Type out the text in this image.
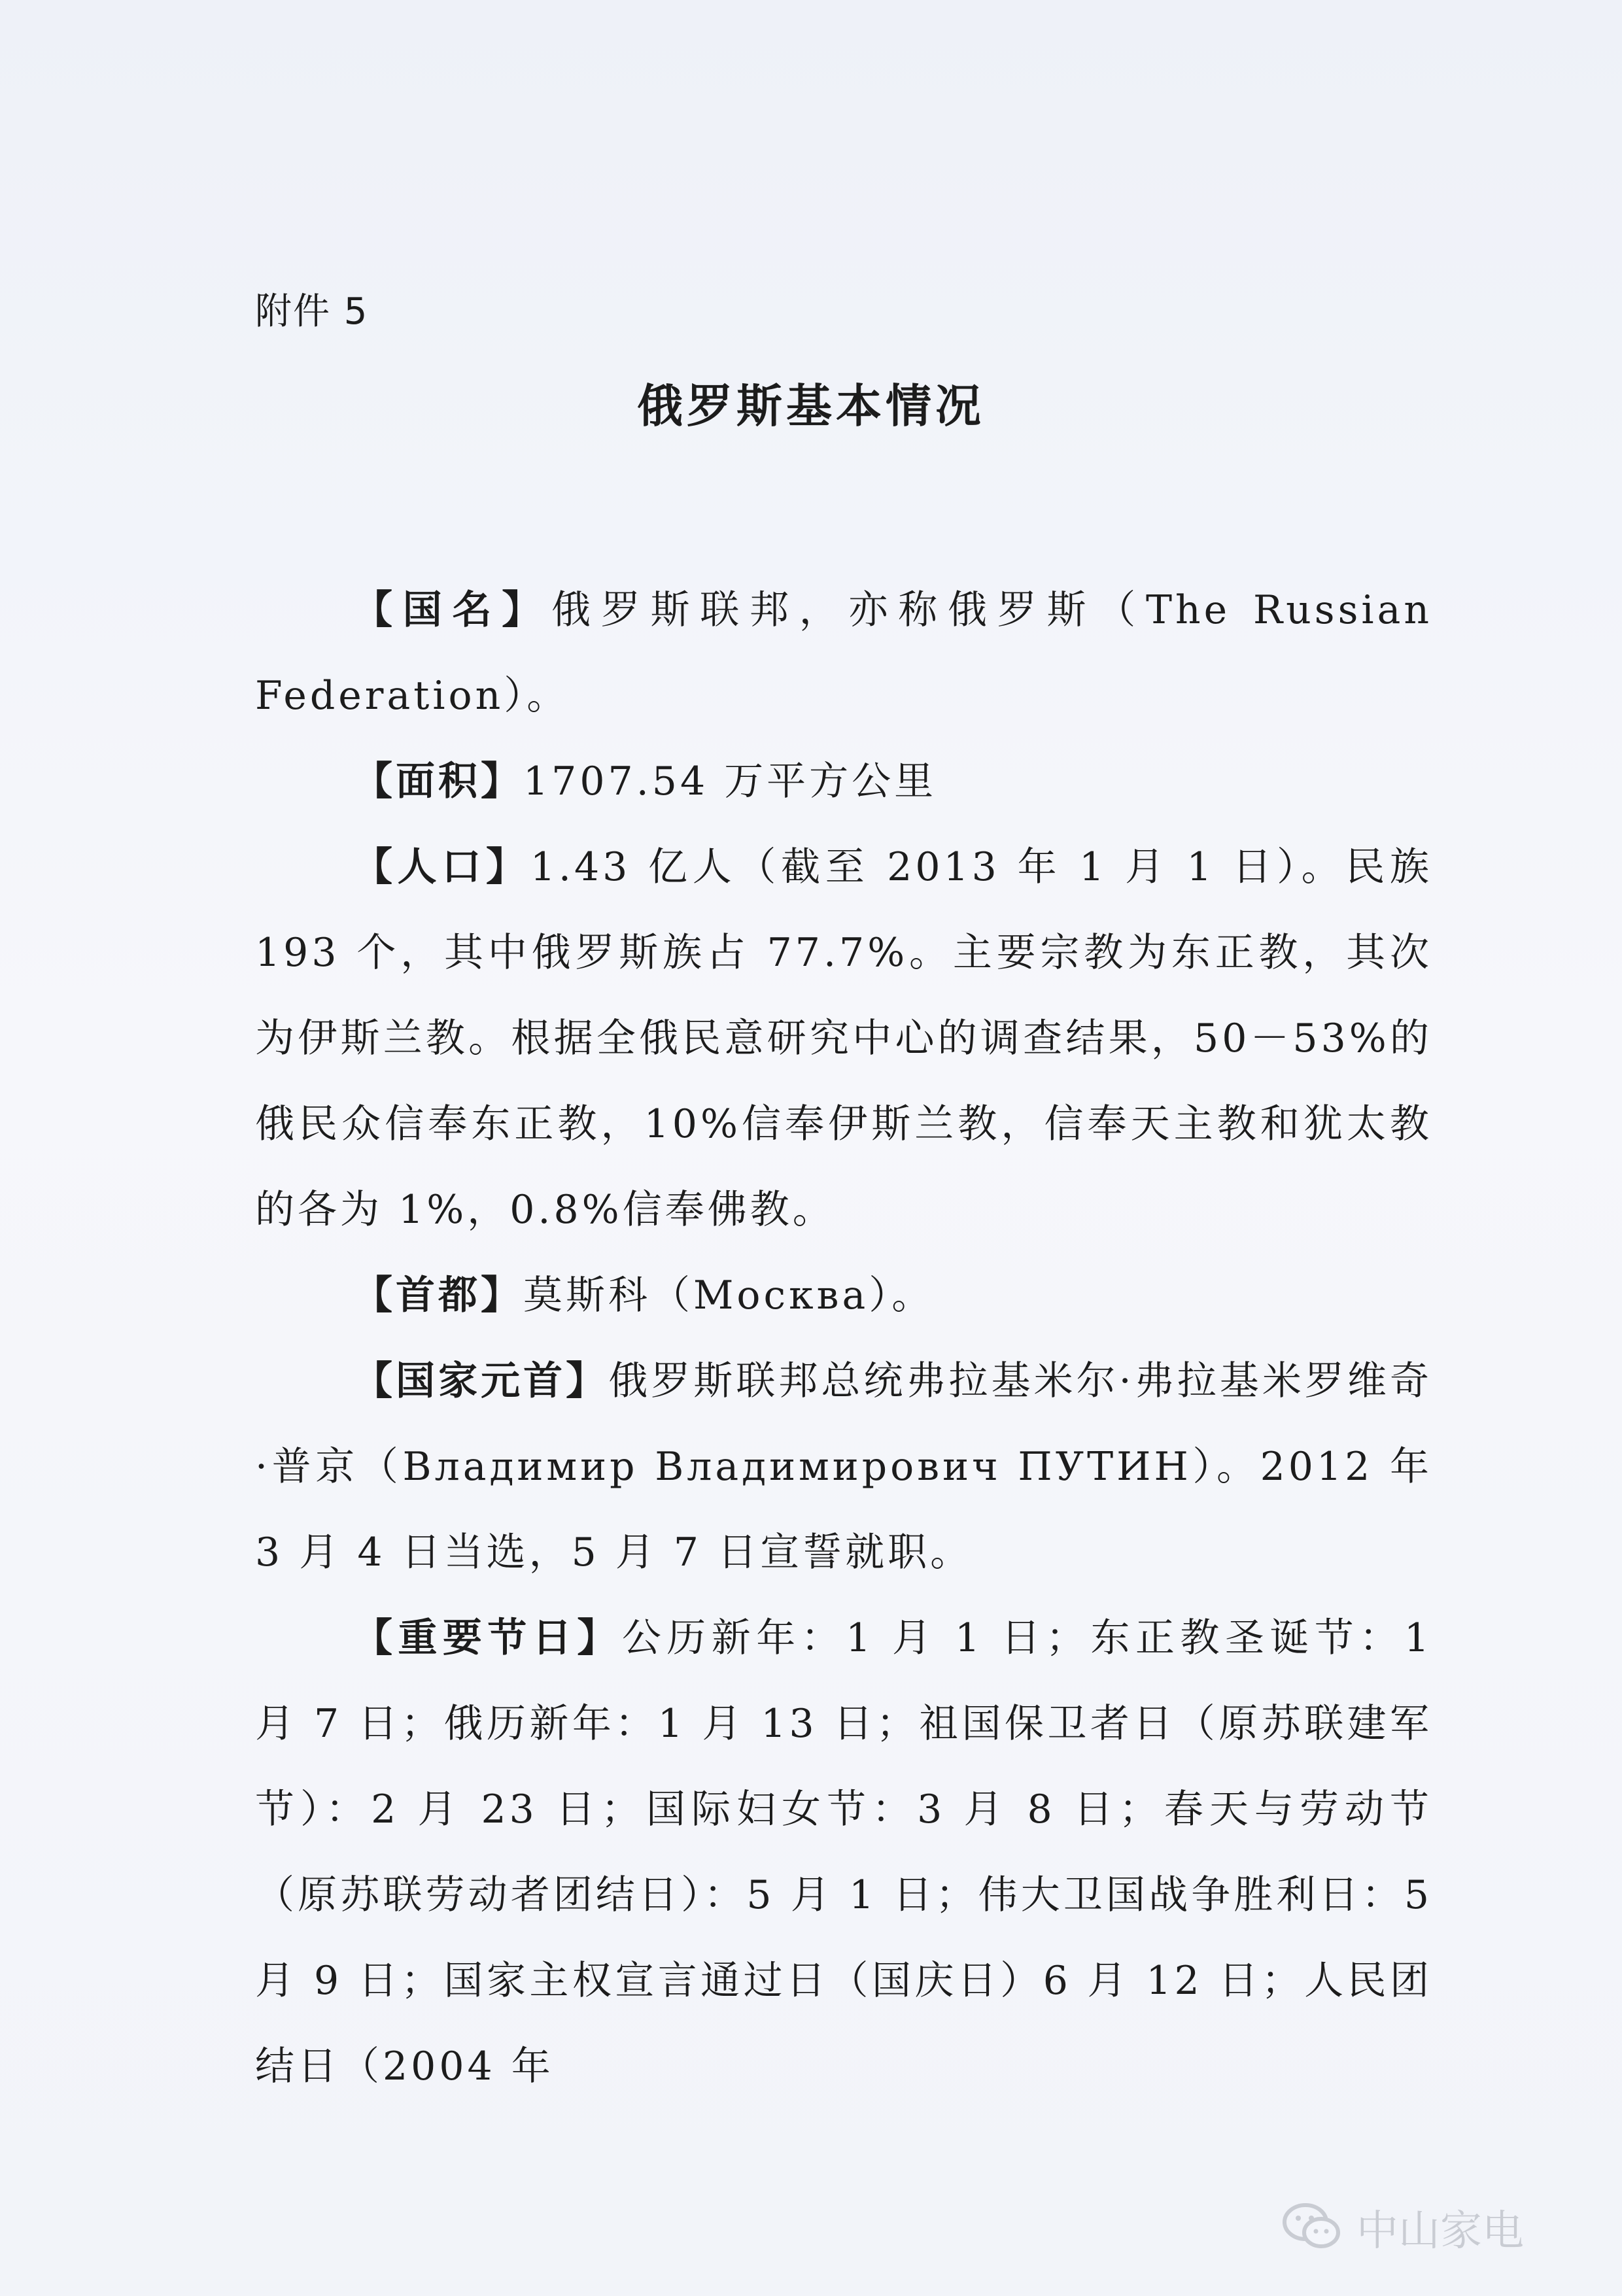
附件 5
俄罗斯基本情况

【国名】俄罗斯联邦，亦称俄罗斯（The Russian Federation）。

【面积】1707.54 万平方公里

【人口】1.43 亿人（截至 2013 年 1 月 1 日）。民族 193 个，其中俄罗斯族占 77.7%。主要宗教为东正教，其次为伊斯兰教。根据全俄民意研究中心的调查结果，50－53%的俄民众信奉东正教，10%信奉伊斯兰教，信奉天主教和犹太教的各为 1%，0.8%信奉佛教。

【首都】莫斯科（Москва）。

【国家元首】俄罗斯联邦总统弗拉基米尔·弗拉基米罗维奇·普京（Владимир Владимирович ПУТИН）。2012 年 3 月 4 日当选，5 月 7 日宣誓就职。

【重要节日】公历新年：1 月 1 日；东正教圣诞节：1 月 7 日；俄历新年：1 月 13 日；祖国保卫者日（原苏联建军节）：2 月 23 日；国际妇女节：3 月 8 日；春天与劳动节（原苏联劳动者团结日）：5 月 1 日；伟大卫国战争胜利日：5 月 9 日；国家主权宣言通过日（国庆日）6 月 12 日；人民团结日（2004 年

中山家电
